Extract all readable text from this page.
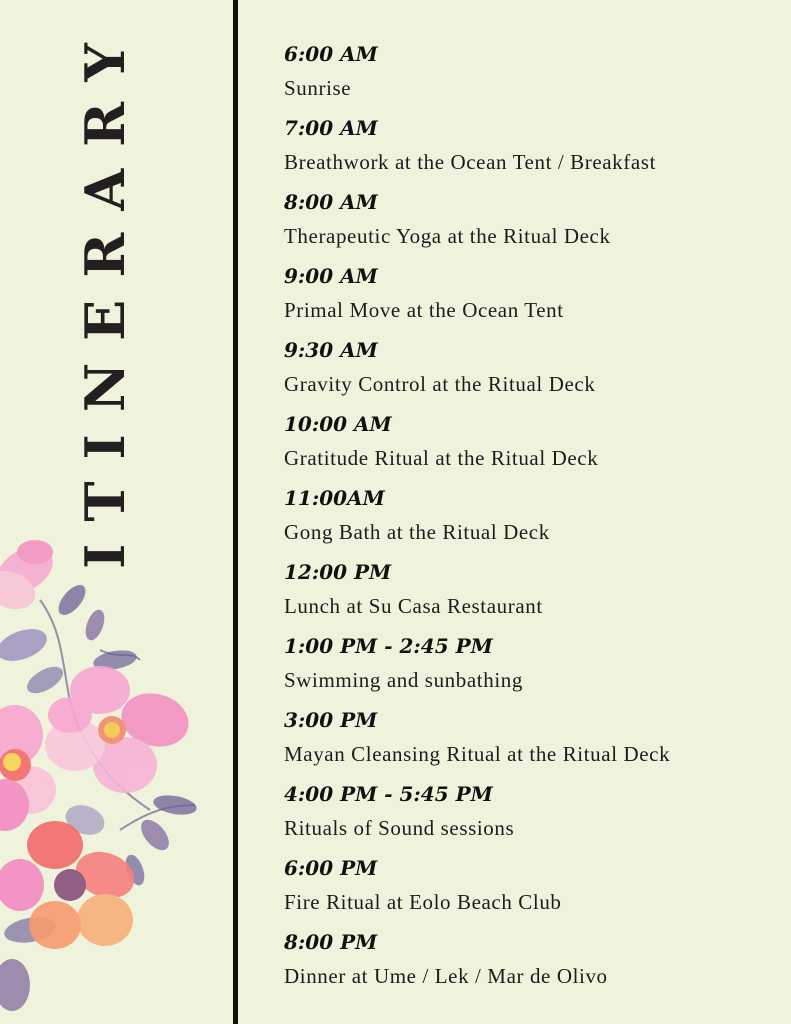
ITINERARY	6:00 AM
Sunrise
7:00 AM
Breathwork at the Ocean Tent / Breakfast
8:00 AM
Therapeutic Yoga at the Ritual Deck
9:00 AM
Primal Move at the Ocean Tent
9:30 AM
Gravity Control at the Ritual Deck
10:00 AM
Gratitude Ritual at the Ritual Deck
11:00AM
Gong Bath at the Ritual Deck
12:00 PM
Lunch at Su Casa Restaurant
1:00 PM - 2:45 PM
Swimming and sunbathing
3:00 PM
Mayan Cleansing Ritual at the Ritual Deck
4:00 PM - 5:45 PM
Rituals of Sound sessions
6:00 PM
Fire Ritual at Eolo Beach Club
8:00 PM
Dinner at Ume / Lek / Mar de Olivo
